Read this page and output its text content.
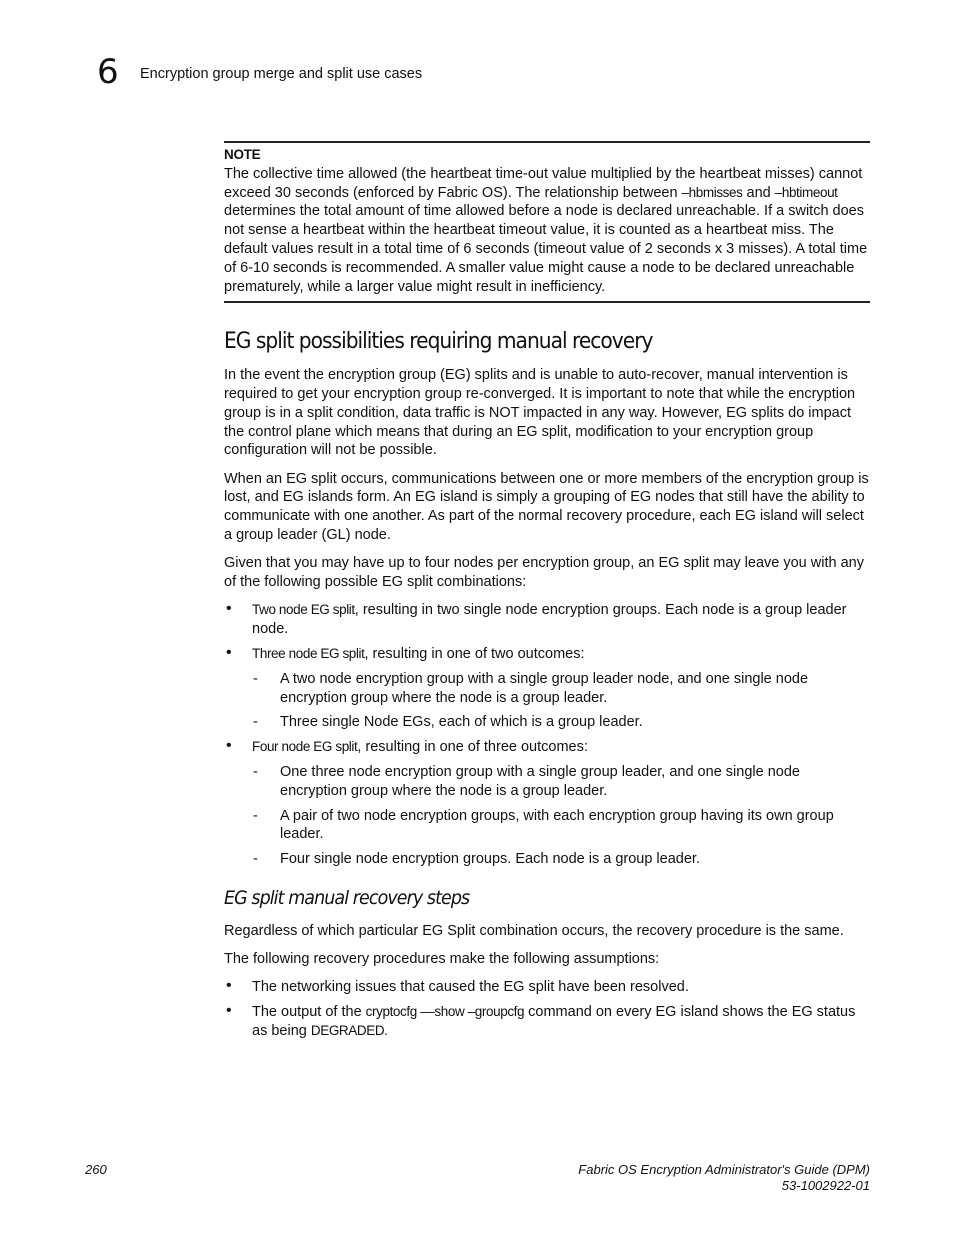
6 Encryption group merge and split use cases
NOTE

The collective time allowed (the heartbeat time-out value multiplied by the heartbeat misses) cannot exceed 30 seconds (enforced by Fabric OS). The relationship between –hbmisses and –hbtimeout determines the total amount of time allowed before a node is declared unreachable. If a switch does not sense a heartbeat within the heartbeat timeout value, it is counted as a heartbeat miss. The default values result in a total time of 6 seconds (timeout value of 2 seconds x 3 misses). A total time of 6-10 seconds is recommended. A smaller value might cause a node to be declared unreachable prematurely, while a larger value might result in inefficiency.

EG split possibilities requiring manual recovery

In the event the encryption group (EG) splits and is unable to auto-recover, manual intervention is required to get your encryption group re-converged. It is important to note that while the encryption group is in a split condition, data traffic is NOT impacted in any way. However, EG splits do impact the control plane which means that during an EG split, modification to your encryption group configuration will not be possible.

When an EG split occurs, communications between one or more members of the encryption group is lost, and EG islands form. An EG island is simply a grouping of EG nodes that still have the ability to communicate with one another. As part of the normal recovery procedure, each EG island will select a group leader (GL) node.

Given that you may have up to four nodes per encryption group, an EG split may leave you with any of the following possible EG split combinations:

• Two node EG split, resulting in two single node encryption groups. Each node is a group leader node.
• Three node EG split, resulting in one of two outcomes:
- A two node encryption group with a single group leader node, and one single node encryption group where the node is a group leader.
- Three single Node EGs, each of which is a group leader.
• Four node EG split, resulting in one of three outcomes:
- One three node encryption group with a single group leader, and one single node encryption group where the node is a group leader.
- A pair of two node encryption groups, with each encryption group having its own group leader.
- Four single node encryption groups. Each node is a group leader.
EG split manual recovery steps

Regardless of which particular EG Split combination occurs, the recovery procedure is the same.

The following recovery procedures make the following assumptions:

• The networking issues that caused the EG split have been resolved.
• The output of the cryptocfg ––show –groupcfg command on every EG island shows the EG status as being DEGRADED.
260	Fabric OS Encryption Administrator's Guide (DPM)
53-1002922-01
